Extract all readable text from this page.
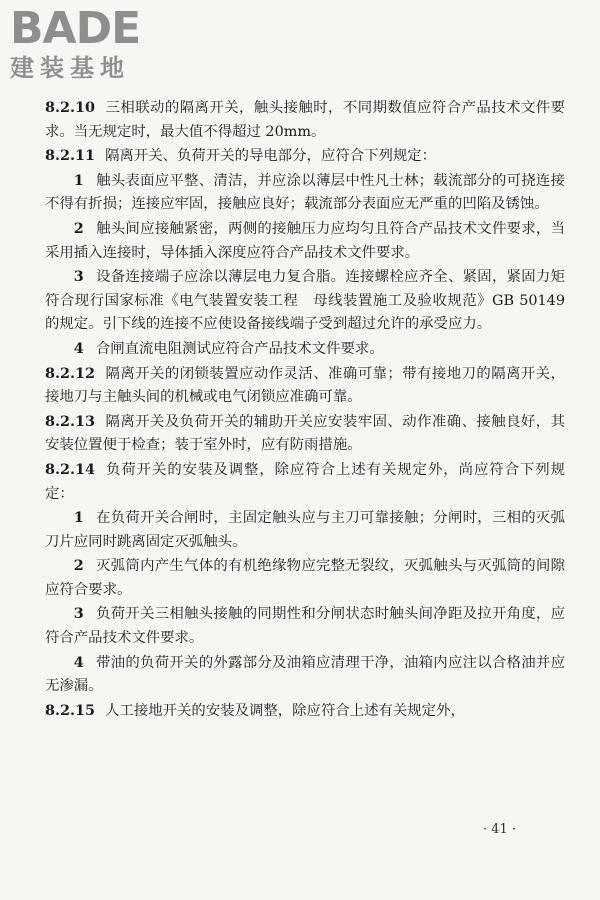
BADE
建装基地

8.2.10 三相联动的隔离开关，触头接触时，不同期数值应符合产品技术文件要求。当无规定时，最大值不得超过 20mm。

8.2.11 隔离开关、负荷开关的导电部分，应符合下列规定：

1 触头表面应平整、清洁，并应涂以薄层中性凡士林；载流部分的可挠连接不得有折损；连接应牢固，接触应良好；载流部分表面应无严重的凹陷及锈蚀。

2 触头间应接触紧密，两侧的接触压力应均匀且符合产品技术文件要求，当采用插入连接时，导体插入深度应符合产品技术文件要求。

3 设备连接端子应涂以薄层电力复合脂。连接螺栓应齐全、紧固，紧固力矩符合现行国家标准《电气装置安装工程　母线装置施工及验收规范》GB 50149 的规定。引下线的连接不应使设备接线端子受到超过允许的承受应力。

4 合闸直流电阻测试应符合产品技术文件要求。

8.2.12 隔离开关的闭锁装置应动作灵活、准确可靠；带有接地刀的隔离开关，接地刀与主触头间的机械或电气闭锁应准确可靠。

8.2.13 隔离开关及负荷开关的辅助开关应安装牢固、动作准确、接触良好，其安装位置便于检查；装于室外时，应有防雨措施。

8.2.14 负荷开关的安装及调整，除应符合上述有关规定外，尚应符合下列规定：

1 在负荷开关合闸时，主固定触头应与主刀可靠接触；分闸时，三相的灭弧刀片应同时跳离固定灭弧触头。

2 灭弧筒内产生气体的有机绝缘物应完整无裂纹，灭弧触头与灭弧筒的间隙应符合要求。

3 负荷开关三相触头接触的同期性和分闸状态时触头间净距及拉开角度，应符合产品技术文件要求。

4 带油的负荷开关的外露部分及油箱应清理干净，油箱内应注以合格油并应无渗漏。

8.2.15 人工接地开关的安装及调整，除应符合上述有关规定外，

· 41 ·
